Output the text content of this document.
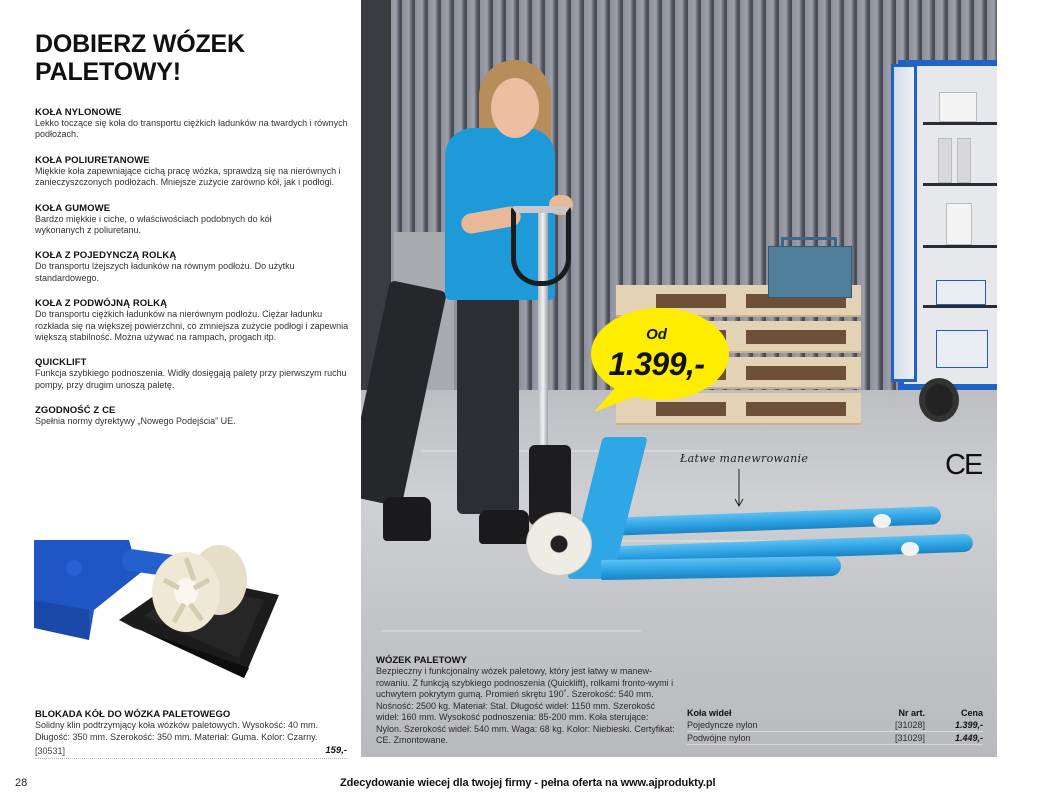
DOBIERZ WÓZEK
PALETOWY!
KOŁA NYLONOWE
Lekko toczące się koła do transportu ciężkich ładunków na twardych i równych podłożach.
KOŁA POLIURETANOWE
Miękkie koła zapewniające cichą pracę wózka, sprawdzą się na nierównych i zanieczyszczonych podłożach. Mniejsze zużycie zarówno kół, jak i podłogi.
KOŁA GUMOWE
Bardzo miękkie i ciche, o właściwościach podobnych do kół wykonanych z poliuretanu.
KOŁA Z POJEDYNCZĄ ROLKĄ
Do transportu lżejszych ładunków na równym podłożu. Do użytku standardowego.
KOŁA Z PODWÓJNĄ ROLKĄ
Do transportu ciężkich ładunków na nierównym podłożu. Ciężar ładunku rozkłada się na większej powierzchni, co zmniejsza zużycie podłogi i zapewnia większą stabilność. Można używać na rampach, progach itp.
QUICKLIFT
Funkcja szybkiego podnoszenia. Widły dosięgają palety przy pierwszym ruchu pompy, przy drugim unoszą paletę.
ZGODNOŚĆ Z CE
Spełnia normy dyrektywy „Nowego Podejścia” UE.
BLOKADA KÓŁ DO WÓZKA PALETOWEGO
Solidny klin podtrzymjący koła wózków paletowych. Wysokość: 40 mm. Długość: 350 mm. Szerokość: 350 mm. Materiał: Guma. Kolor: Czarny.
[30531]	159,-
Od
1.399,-
Łatwe manewrowanie	CE
WÓZEK PALETOWY
Bezpieczny i funkcjonalny wózek paletowy, który jest łatwy w manew-rowaniu. Z funkcją szybkiego podnoszenia (Quicklift), rolkami fronto-wymi i uchwytem pokrytym gumą. Promień skrętu 190˚. Szerokość: 540 mm. Nośność: 2500 kg. Materiał: Stal. Długość wideł: 1150 mm. Szerokość wideł: 160 mm. Wysokość podnoszenia: 85-200 mm. Koła sterujące: Nylon. Szerokość wideł: 540 mm. Waga: 68 kg. Kolor: Niebieski. Certyfikat: CE. Zmontowane.
Koła wideł	Nr art.	Cena
Pojedyncze nylon	[31028]	1.399,-
Podwójne nylon	[31029]	1.449,-
28	Zdecydowanie wiecej dla twojej firmy - pełna oferta na www.ajprodukty.pl
